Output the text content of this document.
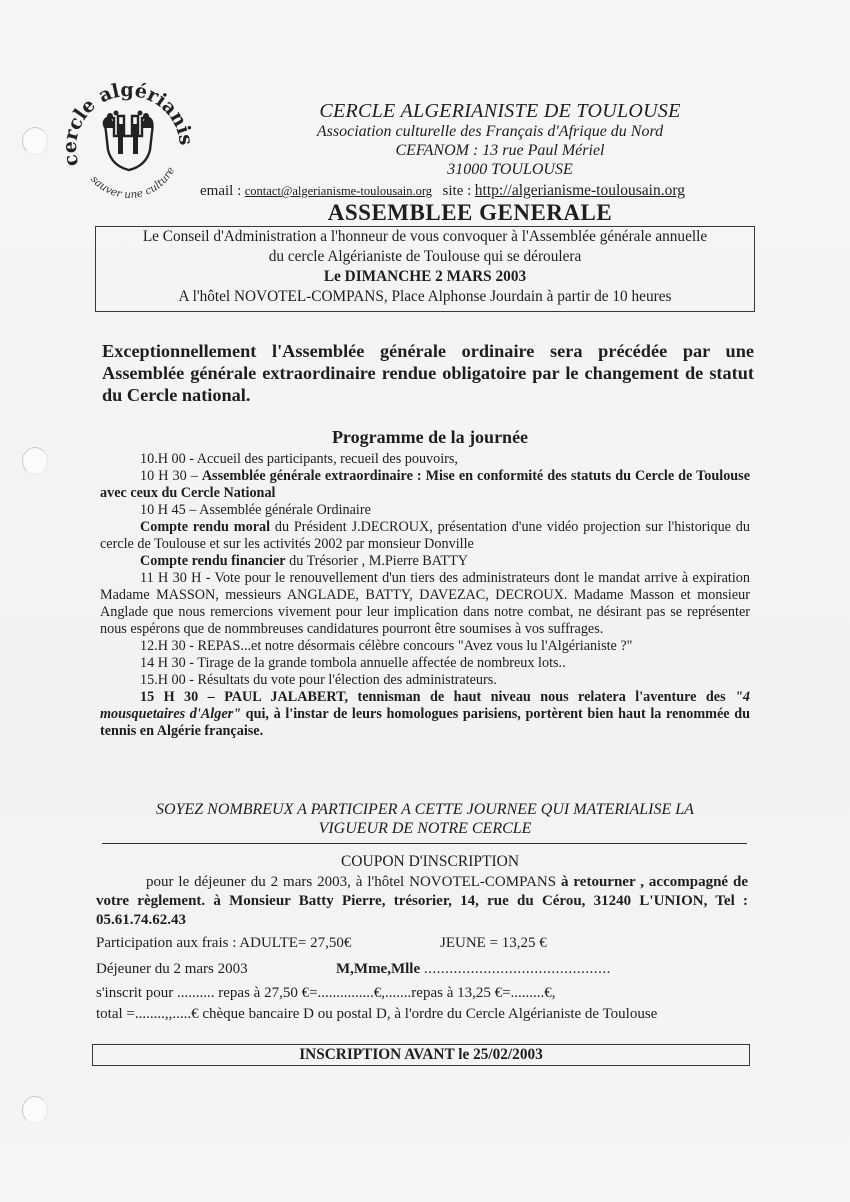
cercle algérianis
sauver une culture
CERCLE ALGERIANISTE DE TOULOUSE
Association culturelle des Français d'Afrique du Nord
CEFANOM : 13 rue Paul Mériel
31000 TOULOUSE
email : contact@algerianisme-toulousain.org site : http://algerianisme-toulousain.org
ASSEMBLEE GENERALE
Le Conseil d'Administration a l'honneur de vous convoquer à l'Assemblée générale annuelle
du cercle Algérianiste de Toulouse qui se déroulera
Le DIMANCHE 2 MARS 2003
A l'hôtel NOVOTEL-COMPANS, Place Alphonse Jourdain à partir de 10 heures
Exceptionnellement l'Assemblée générale ordinaire sera précédée par une Assemblée générale extraordinaire rendue obligatoire par le changement de statut du Cercle national.
Programme de la journée

10.H 00 - Accueil des participants, recueil des pouvoirs,

10 H 30 – Assemblée générale extraordinaire : Mise en conformité des statuts du Cercle de Toulouse avec ceux du Cercle National

10 H 45 – Assemblée générale Ordinaire

Compte rendu moral du Président J.DECROUX, présentation d'une vidéo projection sur l'historique du cercle de Toulouse et sur les activités 2002 par monsieur Donville

Compte rendu financier du Trésorier , M.Pierre BATTY

11 H 30 H - Vote pour le renouvellement d'un tiers des administrateurs dont le mandat arrive à expiration Madame MASSON, messieurs ANGLADE, BATTY, DAVEZAC, DECROUX. Madame Masson et monsieur Anglade que nous remercions vivement pour leur implication dans notre combat, ne désirant pas se représenter nous espérons que de nommbreuses candidatures pourront être soumises à vos suffrages.

12.H 30 - REPAS...et notre désormais célèbre concours "Avez vous lu l'Algérianiste ?"

14 H 30 - Tirage de la grande tombola annuelle affectée de nombreux lots..

15.H 00 - Résultats du vote pour l'élection des administrateurs.

15 H 30 – PAUL JALABERT, tennisman de haut niveau nous relatera l'aventure des "4 mousquetaires d'Alger" qui, à l'instar de leurs homologues parisiens, portèrent bien haut la renommée du tennis en Algérie française.

SOYEZ NOMBREUX A PARTICIPER A CETTE JOURNEE QUI MATERIALISE LA
VIGUEUR DE NOTRE CERCLE
COUPON D'INSCRIPTION

pour le déjeuner du 2 mars 2003, à l'hôtel NOVOTEL-COMPANS à retourner , accompagné de votre règlement. à Monsieur Batty Pierre, trésorier, 14, rue du Cérou, 31240 L'UNION, Tel : 05.61.74.62.43

Participation aux frais : ADULTE= 27,50€	JEUNE = 13,25 €
Déjeuner du 2 mars 2003	M,Mme,Mlle ............................................
s'inscrit pour .......... repas à 27,50 €=...............€,.......repas à 13,25 €=.........€,
total =........,,.....€ chèque bancaire D ou postal D, à l'ordre du Cercle Algérianiste de Toulouse
INSCRIPTION AVANT le 25/02/2003
